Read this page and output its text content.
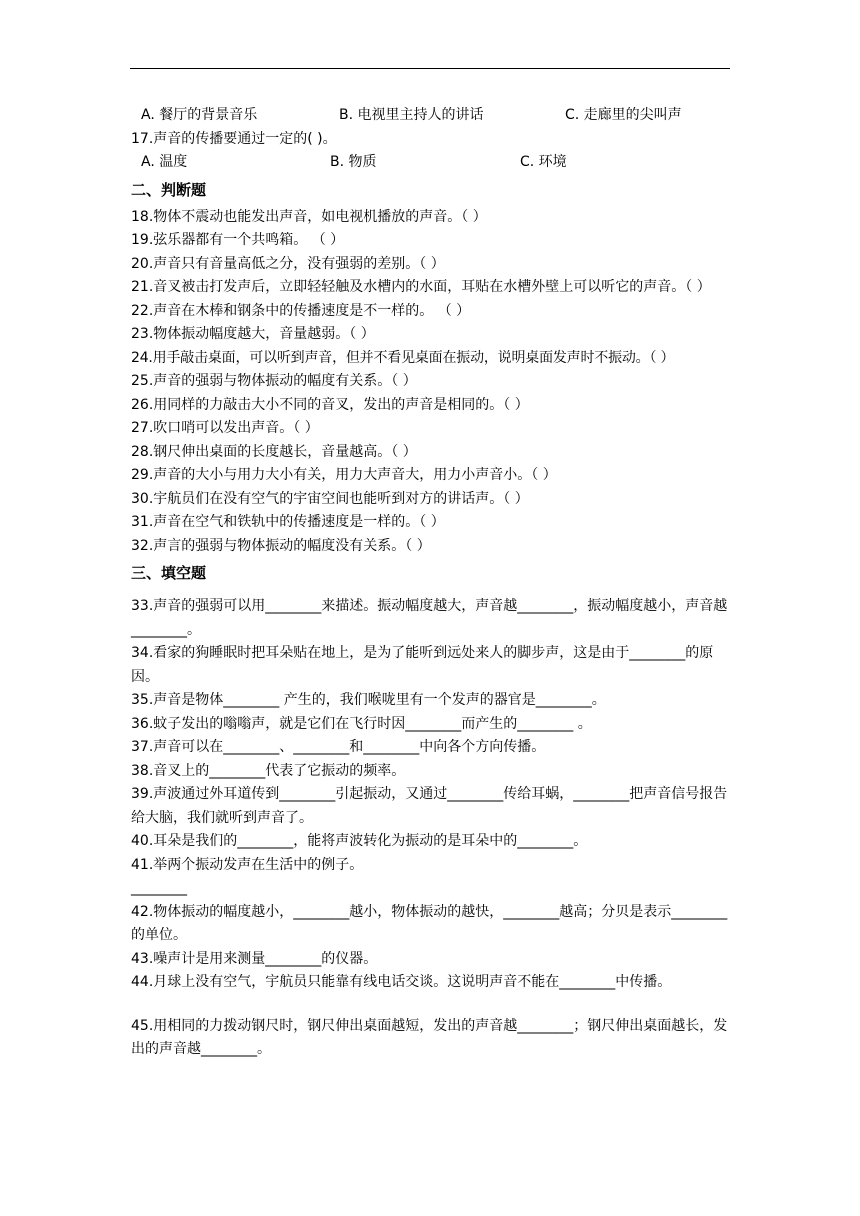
A. 餐厅的背景音乐	B. 电视里主持人的讲话	C. 走廊里的尖叫声
17.声音的传播要通过一定的( )。
A. 温度	B. 物质	C. 环境
二、判断题
18.物体不震动也能发出声音，如电视机播放的声音。（ ）
19.弦乐器都有一个共鸣箱。 （ ）
20.声音只有音量高低之分，没有强弱的差别。（ ）
21.音叉被击打发声后，立即轻轻触及水槽内的水面，耳贴在水槽外壁上可以听它的声音。（ ）
22.声音在木棒和钢条中的传播速度是不一样的。 （ ）
23.物体振动幅度越大，音量越弱。（ ）
24.用手敲击桌面，可以听到声音，但并不看见桌面在振动，说明桌面发声时不振动。（ ）
25.声音的强弱与物体振动的幅度有关系。（ ）
26.用同样的力敲击大小不同的音叉，发出的声音是相同的。（ ）
27.吹口哨可以发出声音。（ ）
28.钢尺伸出桌面的长度越长，音量越高。（ ）
29.声音的大小与用力大小有关，用力大声音大，用力小声音小。（ ）
30.宇航员们在没有空气的宇宙空间也能听到对方的讲话声。（ ）
31.声音在空气和铁轨中的传播速度是一样的。（ ）
32.声言的强弱与物体振动的幅度没有关系。（ ）
三、填空题
33.声音的强弱可以用________来描述。振动幅度越大，声音越________，振动幅度越小，声音越________。
34.看家的狗睡眠时把耳朵贴在地上，是为了能听到远处来人的脚步声，这是由于________的原因。
35.声音是物体________ 产生的，我们喉咙里有一个发声的器官是________。
36.蚊子发出的嗡嗡声，就是它们在飞行时因________而产生的________ 。
37.声音可以在________、________和________中向各个方向传播。
38.音叉上的________代表了它振动的频率。
39.声波通过外耳道传到________引起振动，又通过________传给耳蜗，________把声音信号报告给大脑，我们就听到声音了。
40.耳朵是我们的________，能将声波转化为振动的是耳朵中的________。
41.举两个振动发声在生活中的例子。
________
42.物体振动的幅度越小，________越小，物体振动的越快，________越高；分贝是表示________的单位。
43.噪声计是用来测量________的仪器。
44.月球上没有空气，宇航员只能靠有线电话交谈。这说明声音不能在________中传播。
45.用相同的力拨动钢尺时，钢尺伸出桌面越短，发出的声音越________；钢尺伸出桌面越长，发出的声音越________。
